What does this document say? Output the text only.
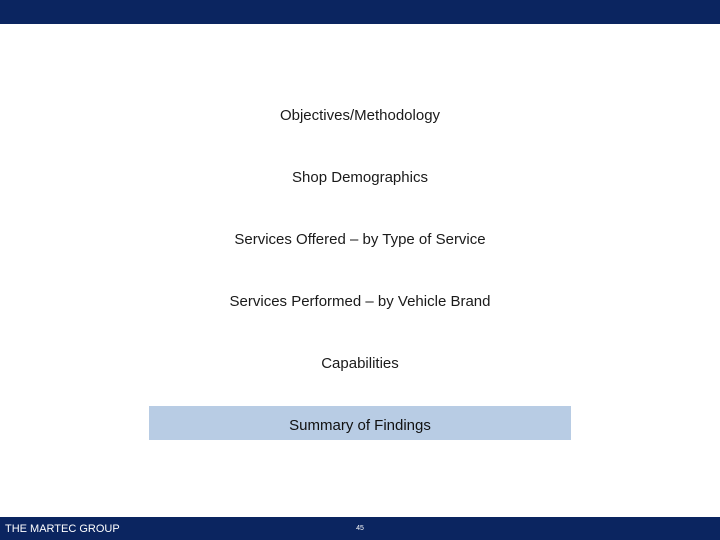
Objectives/Methodology
Shop Demographics
Services Offered – by Type of Service
Services Performed – by Vehicle Brand
Capabilities
Summary of Findings
THE MARTEC GROUP	45
